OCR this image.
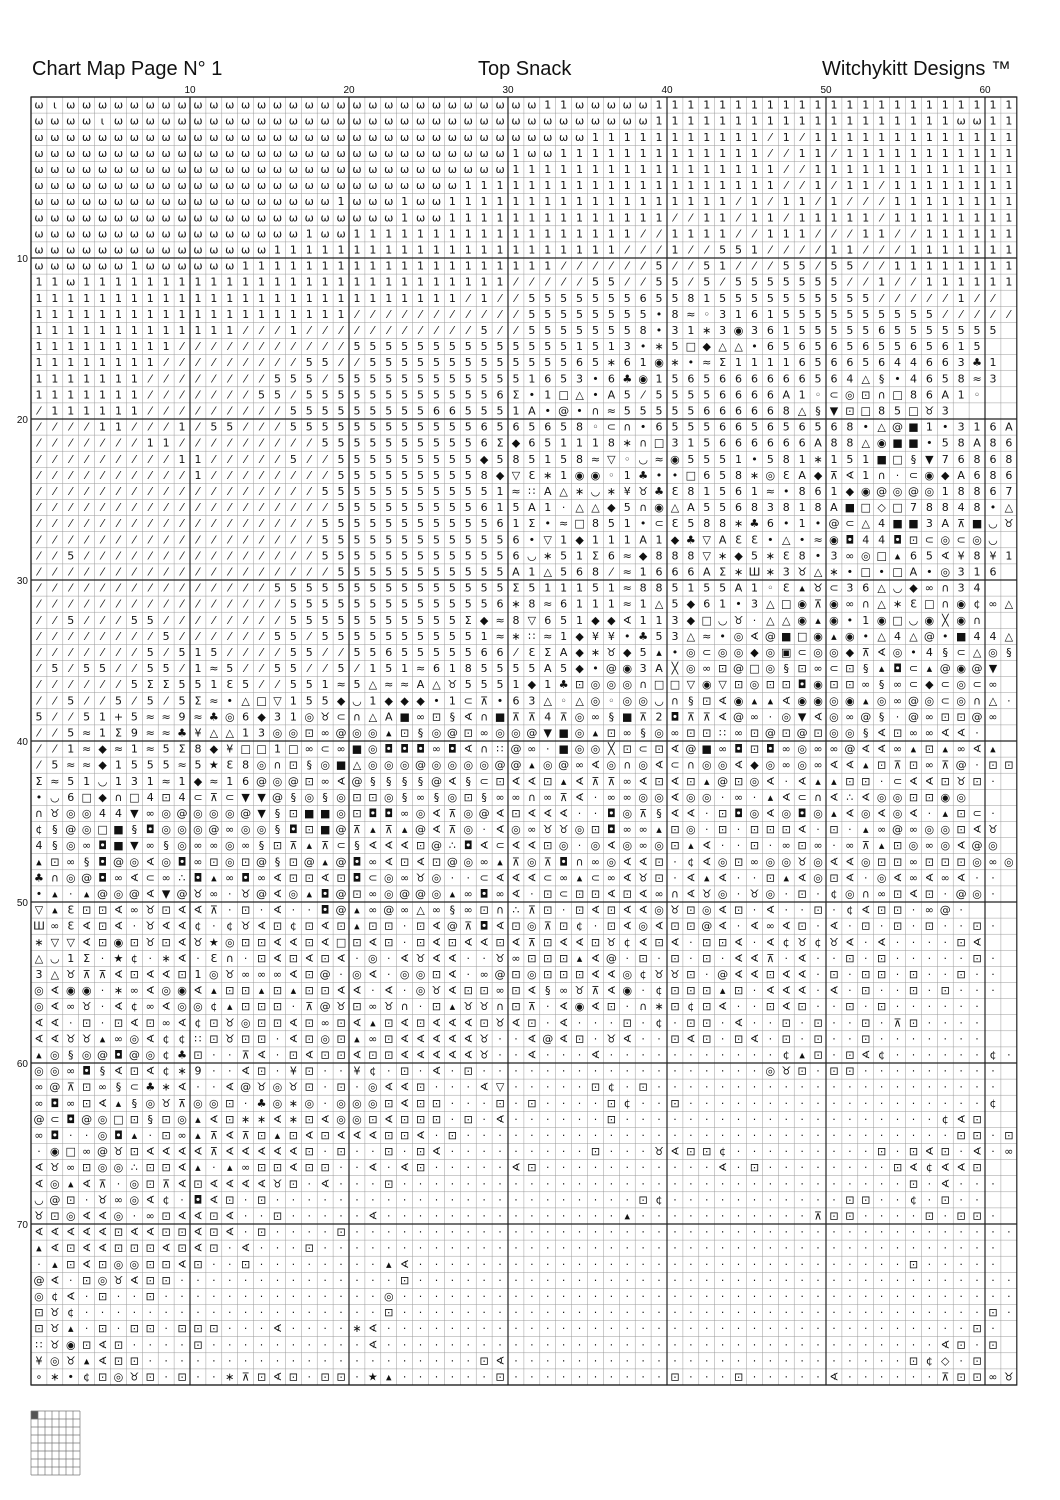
Chart Map Page N° 1	Top Snack	Witchykitt Designs ™
10	20	30	40	50	60
10
20
30
40
50
60
70
ω ι ω ω ω ω ω ω ω ω ω ω ω ω ω ω ω ω ω ω ω ω ω ω ω ω ω ω ω ω ω ω 1 1 ω ω ω ω ω 1 1 1 1 1 1 1 1 1 1 1 1 1 1 1 1 1 1 1 1 1 1 1
ω ω ω ω ι ω ω ω ω ω ω ω ω ω ω ω ω ω ω ω ω ω ω ω ω ω ω ω ω ω ω ω ω ω ω ω ω ω ω 1 1 1 1 1 1 1 1 1 1 1 1 1 1 1 1 1 1 1 ω ω 1 1
ω ω ω ω ω ω ω ω ω ω ω ω ω ω ω ω ω ω ω ω ω ω ω ω ω ω ω ω ω ω ω ω ω ω ω 1 1 1 1 1 1 1 1 1 1 1 ⁄ 1 ⁄ 1 1 1 1 1 1 1 1 1 1 1 1 1
ω ω ω ω ω ω ω ω ω ω ω ω ω ω ω ω ω ω ω ω ω ω ω ω ω ω ω ω ω ω 1 ω ω 1 1 1 1 1 1 1 1 1 1 1 1 1 ⁄ ⁄ 1 1 ⁄ 1 1 1 1 1 1 1 1 1 1 1
ω ω ω ω ω ω ω ω ω ω ω ω ω ω ω ω ω ω ω ω ω ω ω ω ω ω ω ω ω ω 1 1 1 1 1 1 1 1 1 1 1 1 1 1 1 1 1 ⁄ ⁄ 1 1 1 1 1 1 1 1 1 1 1 1 1
ω ω ω ω ω ω ω ω ω ω ω ω ω ω ω ω ω ω ω ω ω ω ω ω ω ω ω 1 1 1 1 1 1 1 1 1 1 1 1 1 1 1 1 1 1 1 1 ⁄ ⁄ 1 ⁄ 1 1 ⁄ 1 1 1 1 1 1 1 1
ω ω ω ω ω ω ω ω ω ω ω ω ω ω ω ω ω ω ω 1 ω ω ω 1 ω ω 1 1 1 1 1 1 1 1 1 1 1 1 1 1 1 1 1 1 ⁄ 1 ⁄ 1 1 ⁄ 1 ⁄ ⁄ ⁄ 1 1 1 1 1 1 1 1
ω ω ω ω ω ω ω ω ω ω ω ω ω ω ω ω ω ω ω ω ω ω ω 1 ω ω 1 1 1 1 1 1 1 1 1 1 1 1 1 1 ⁄ ⁄ 1 1 ⁄ 1 1 ⁄ 1 1 1 1 1 ⁄ 1 1 1 1 1 1 1 1
ω ω ω ω ω ω ω ω ω ω ω ω ω ω ω ω ω 1 ω ω 1 1 1 1 1 1 1 1 1 1 1 1 1 1 1 1 1 1 ⁄ ⁄ 1 1 1 1 ⁄ ⁄ 1 1 1 ⁄ ⁄ ⁄ 1 1 ⁄ ⁄ 1 1 1 1 1 1
ω ω ω ω ω ω ω ω ω ω ω ω ω ω ω 1 1 1 1 1 1 1 1 1 1 1 1 1 1 1 1 1 1 1 1 1 1 ⁄ ⁄ ⁄ 1 ⁄ ⁄ 5 5 1 ⁄ ⁄ ⁄ ⁄ 1 1 ⁄ ⁄ ⁄ 1 1 1 1 1 1 1
ω ω ω ω ω ω 1 ω ω ω ω ω ω 1 1 1 1 1 1 1 1 1 1 1 1 1 1 1 1 1 1 1 1 ⁄ ⁄ ⁄ ⁄ ⁄ ⁄ 5 ⁄ ⁄ 5 1 ⁄ ⁄ ⁄ 5 5 ⁄ 5 5 ⁄ ⁄ 1 1 1 1 1 1 1 1
1 1 ω 1 1 1 1 1 1 1 1 1 1 1 1 1 1 1 1 1 1 1 1 1 1 1 1 1 1 1 ⁄ ⁄ ⁄ ⁄ ⁄ 5 5 ⁄ ⁄ 5 5 ⁄ 5 ⁄ 5 5 5 5 5 5 5 ⁄ ⁄ 1 ⁄ ⁄ 1 1 1 1 1 1
1 1 1 1 1 1 1 1 1 1 1 1 1 1 1 1 1 1 1 1 1 1 1 1 1 1 1 ⁄ 1 ⁄ ⁄ 5 5 5 5 5 5 5 6 5 5 8 1 5 5 5 5 5 5 5 5 5 5 ⁄ ⁄ ⁄ ⁄ ⁄ 1 ⁄ ⁄
1 1 1 1 1 1 1 1 1 1 1 1 1 1 1 1 1 1 1 1 ⁄ ⁄ ⁄ ⁄ ⁄ ⁄ ⁄ ⁄ ⁄ ⁄ ⁄ 5 5 5 5 5 5 5 5 • 8 ≈ ◦ 3 1 6 1 5 5 5 5 5 5 5 5 5 5 ⁄ ⁄ ⁄ ⁄ ⁄
1 1 1 1 1 1 1 1 1 1 1 1 1 ⁄ ⁄ ⁄ 1 ⁄ ⁄ ⁄ ⁄ ⁄ ⁄ ⁄ ⁄ ⁄ ⁄ ⁄ 5 ⁄ ⁄ 5 5 5 5 5 5 5 8 • 3 1 ∗ 3 ◉ 3 6 1 5 5 5 5 5 6 5 5 5 5 5 5 5
1 1 1 1 1 1 1 1 1 ⁄ ⁄ ⁄ ⁄ ⁄ ⁄ ⁄ ⁄ ⁄ ⁄ ⁄ 5 5 5 5 5 5 5 5 5 5 5 5 5 5 1 5 1 3 • ∗ 5 □ ◆ △ △ • 6 5 6 5 6 5 6 5 5 6 5 6 1 5
1 1 1 1 1 1 1 1 ⁄ ⁄ ⁄ ⁄ ⁄ ⁄ ⁄ ⁄ ⁄ 5 5 ⁄ ⁄ 5 5 5 5 5 5 5 5 5 5 5 5 5 6 5 ∗ 6 1 ◉ ∗ • ≈ Σ 1 1 1 1 6 5 6 6 5 6 4 4 6 6 3 ♣ 1
1 1 1 1 1 1 1 ⁄ ⁄ ⁄ ⁄ ⁄ ⁄ ⁄ ⁄ 5 5 5 ⁄ 5 5 5 5 5 5 5 5 5 5 5 5 1 6 5 3 • 6 ♣ ◉ 1 5 6 5 6 6 6 6 6 6 5 6 4 △ § • 4 6 5 8 ≈ 3
1 1 1 1 1 1 1 ⁄ ⁄ ⁄ ⁄ ⁄ ⁄ ⁄ 5 5 ⁄ 5 5 5 5 5 5 5 5 5 5 5 5 6 Σ • 1 □ △ • A 5 ⁄ 5 5 5 5 6 6 6 6 A 1 ◦ ⊂ ◎ ⊡ ∩ □ 8 6 A 1 ◦
⁄ 1 1 1 1 1 1 ⁄ ⁄ ⁄ ⁄ ⁄ ⁄ ⁄ ⁄ ⁄ 5 5 5 5 5 5 5 5 5 6 6 5 5 5 1 A • @ • ∩ ≈ 5 5 5 5 5 6 6 6 6 6 8 △ § ▼ ⊡ □ 8 5 □ ♉ 3
⁄ ⁄ ⁄ ⁄ 1 1 ⁄ ⁄ ⁄ 1 ⁄ 5 5 ⁄ ⁄ ⁄ 5 5 5 5 5 5 5 5 5 5 5 5 6 5 6 5 6 5 8 ◦ ⊂ ∩ • 6 5 5 5 6 6 5 6 5 6 5 6 8 • △ @ ■ 1 • 3 1 6 A
⁄ ⁄ ⁄ ⁄ ⁄ ⁄ ⁄ 1 1 ⁄ ⁄ ⁄ ⁄ ⁄ ⁄ ⁄ ⁄ ⁄ 5 5 5 5 5 5 5 5 5 5 6 Σ ◆ 6 5 1 1 1 8 ∗ ∩ □ 3 1 5 6 6 6 6 6 6 A 8 8 △ ◉ ■ ■ • 5 8 A 8 6
⁄ ⁄ ⁄ ⁄ ⁄ ⁄ ⁄ ⁄ ⁄ 1 1 ⁄ ⁄ ⁄ ⁄ ⁄ 5 ⁄ ⁄ 5 5 5 5 5 5 5 5 5 ◆ 5 8 5 1 5 8 ≈ ▽ ◦ ◡ ≈ ◉ 5 5 5 1 • 5 8 1 ∗ 1 5 1 ■ □ § ▼ 7 6 8 6 8
⁄ ⁄ ⁄ ⁄ ⁄ ⁄ ⁄ ⁄ ⁄ ⁄ 1 ⁄ ⁄ ⁄ ⁄ ⁄ ⁄ ⁄ ⁄ 5 5 5 5 5 5 5 5 5 8 ◆ ▽ Ɛ ∗ 1 ◉ ◉ ◦ 1 ♣ • • □ 6 5 8 ∗ ◎ Ɛ A ◆ ⊼ ∢ 1 ∩ · ⊂ ◉ ◆ A 6 8 6
⁄ ⁄ ⁄ ⁄ ⁄ ⁄ ⁄ ⁄ ⁄ ⁄ ⁄ ⁄ ⁄ ⁄ ⁄ ⁄ ⁄ ⁄ 5 5 5 5 5 5 5 5 5 5 5 1 ≈ ∷ A △ ∗ ◡ ∗ ¥ ♉ ♣ Ɛ 8 1 5 6 1 ≈ • 8 6 1 ◆ ◉ @ ◎ @ ◎ 1 8 8 6 7
⁄ ⁄ ⁄ ⁄ ⁄ ⁄ ⁄ ⁄ ⁄ ⁄ ⁄ ⁄ ⁄ ⁄ ⁄ ⁄ ⁄ ⁄ ⁄ 5 5 5 5 5 5 5 5 5 6 1 5 A 1 · △ △ ◆ 5 ∩ ◉ △ A 5 5 6 8 3 8 1 8 A ■ □ ◇ □ 7 8 8 4 8 • △
⁄ ⁄ ⁄ ⁄ ⁄ ⁄ ⁄ ⁄ ⁄ ⁄ ⁄ ⁄ ⁄ ⁄ ⁄ ⁄ ⁄ ⁄ 5 5 5 5 5 5 5 5 5 5 5 6 1 Σ • ≈ □ 8 5 1 • ⊂ Ɛ 5 8 8 ∗ ♣ 6 • 1 • @ ⊂ △ 4 ■ ■ 3 A ⊼ ■ ◡ ♉
⁄ ⁄ ⁄ ⁄ ⁄ ⁄ ⁄ ⁄ ⁄ ⁄ ⁄ ⁄ ⁄ ⁄ ⁄ ⁄ ⁄ ⁄ 5 5 5 5 5 5 5 5 5 5 5 5 6 • ▽ 1 ◆ 1 1 1 A 1 ◆ ♣ ▽ A Ɛ Ɛ • △ • ≈ ◉ ◘ 4 4 ◘ ⊡ ⊂ ◎ ⊂ ◎ ◡
⁄ ⁄ 5 ⁄ ⁄ ⁄ ⁄ ⁄ ⁄ ⁄ ⁄ ⁄ ⁄ ⁄ ⁄ ⁄ ⁄ ⁄ 5 5 5 5 5 5 5 5 5 5 5 5 6 ◡ ∗ 5 1 Σ 6 ≈ ◆ 8 8 8 ▽ ∗ ◆ 5 ∗ Ɛ 8 • 3 ∞ ◎ □ ▴ 6 5 ∢ ¥ 8 ¥ 1
⁄ ⁄ ⁄ ⁄ ⁄ ⁄ ⁄ ⁄ ⁄ ⁄ ⁄ ⁄ ⁄ ⁄ ⁄ ⁄ ⁄ ⁄ ⁄ 5 5 5 5 5 5 5 5 5 5 5 A 1 △ 5 6 8 ⁄ ≈ 1 6 6 6 A Σ ∗ Ш ∗ 3 ♉ △ ∗ • □ • □ A • ◎ 3 1 6
⁄ ⁄ ⁄ ⁄ ⁄ ⁄ ⁄ ⁄ ⁄ ⁄ ⁄ ⁄ ⁄ ⁄ ⁄ 5 5 5 5 5 5 5 5 5 5 5 5 5 5 5 Σ 5 1 1 1 5 1 ≈ 8 8 5 1 5 5 A 1 ◦ Ɛ ▴ ♉ ⊂ 3 6 △ ◡ ◆ ∞ ∩ 3 4
⁄ ⁄ ⁄ ⁄ ⁄ ⁄ ⁄ ⁄ ⁄ ⁄ ⁄ ⁄ ⁄ ⁄ ⁄ ⁄ 5 5 5 5 5 5 5 5 5 5 5 5 5 6 ∗ 8 ≈ 6 1 1 1 ≈ 1 △ 5 ◆ 6 1 • 3 △ □ ◉ ⊼ ◉ ∞ ∩ △ ∗ Ɛ □ ∩ ◉ ¢ ∞ △
⁄ ⁄ 5 ⁄ ⁄ ⁄ 5 5 ⁄ ⁄ ⁄ ⁄ ⁄ ⁄ ⁄ ⁄ 5 5 5 5 5 5 5 5 5 5 5 Σ ◆ ≈ 8 ▽ 6 5 1 ◆ ◆ ∢ 1 1 3 ◆ □ ◡ ♉ · △ △ ◉ ▴ ◉ • 1 ◉ □ ◡ ◉ ╳ ◉ ∩
⁄ ⁄ ⁄ ⁄ ⁄ ⁄ ⁄ ⁄ 5 ⁄ ⁄ ⁄ ⁄ ⁄ ⁄ 5 5 ⁄ 5 5 5 5 5 5 5 5 5 5 1 ≈ ∗ ∷ ≈ 1 ◆ ¥ ¥ • ♣ 5 3 △ ≈ • ◎ ∢ @ ■ □ ◉ ▴ ◉ • △ 4 △ @ • ■ 4 4 △
⁄ ⁄ ⁄ ⁄ ⁄ ⁄ ⁄ 5 ⁄ 5 1 5 ⁄ ⁄ ⁄ ⁄ 5 5 ⁄ ⁄ 5 5 6 5 5 5 5 5 6 6 ⁄ Ɛ Σ A ◆ ∗ ♉ ◆ 5 ▴ • ◎ ⊂ ◎ ◎ ◆ ◎ ▣ ⊂ ◎ ◎ ◆ ⊼ ∢ ◎ • 4 § ⊂ △ ◎ §
⁄ 5 ⁄ 5 5 ⁄ ⁄ 5 5 ⁄ 1 ≈ 5 ⁄ ⁄ 5 5 ⁄ ⁄ 5 ⁄ 1 5 1 ≈ 6 1 8 5 5 5 5 A 5 ◆ • @ ◉ 3 A ╳ ◎ ∞ ⊡ @ □ ◎ § ⊡ ∞ ⊂ ⊡ § ▴ ◘ ⊂ ▴ @ ◉ @ ▼
⁄ ⁄ ⁄ ⁄ ⁄ ⁄ 5 Σ Σ 5 5 1 Ɛ 5 ⁄ ⁄ 5 5 1 ≈ 5 △ ≈ ≈ A △ ♉ 5 5 5 1 ◆ 1 ♣ ⊡ ◎ ◎ ◎ ∩ □ □ ▽ ◉ ▽ ⊡ ◎ ⊡ ⊡ ◘ ◉ ⊡ ⊡ ∞ § ∞ ⊂ ◆ ⊂ ◎ ⊂ ∞
⁄ ⁄ 5 ⁄ ⁄ 5 ⁄ 5 ⁄ 5 Σ ≈ • △ □ ▽ 1 5 5 ◆ ◡ 1 ◆ ◆ ◆ • 1 ⊂ ⊼ • 6 3 △ ◦ △ ◎ ◦ ◎ ◎ ◡ ∩ § ⊡ ∢ ◉ ▴ ▴ ∢ ◉ ◉ ◎ ◉ ▴ ◎ ∞ @ ◎ ⊂ ◎ ∩ △ ·
5 ⁄ ⁄ 5 1 + 5 ≈ ≈ 9 ≈ ♣ ◎ 6 ◆ 3 1 ◎ ♉ ⊂ ∩ △ A ■ ∞ ⊡ § ∢ ∩ ■ ⊼ ⊼ 4 ⊼ ◎ ∞ § ■ ⊼ 2 ◘ ⊼ ⊼ ∢ @ ∞ · ◎ ▼ ∢ ◎ ∞ @ § · @ ∞ ⊡ ⊡ @ ∞
⁄ ⁄ 5 ≈ 1 Σ 9 ≈ ≈ ♣ ¥ △ △ 1 3 ◎ ◎ ⊡ ∞ @ ◎ ◎ ▴ ⊡ § ◎ @ ⊡ ∞ ◎ ◎ @ ▼ ■ ◎ ▴ ⊡ ∞ § ◎ ∞ ⊡ ⊡ ∷ ∞ ⊡ @ ⊡ @ ⊡ ◎ ◎ § ∢ ⊡ ∞ ∞ ∢ ∢ ·
⁄ ⁄ 1 ≈ ◆ ≈ 1 ≈ 5 Σ 8 ◆ ¥ □ □ 1 □ ∞ ⊂ ∞ ■ ◎ ◘ ◘ ◘ ∞ ◘ ∢ ∩ ∷ @ ∞ · ■ ◎ ◎ ╳ ⊡ ⊂ ⊡ ∢ @ ■ ∞ ◘ ⊡ ◘ ∞ ◎ ∞ ∞ @ ∢ ∢ ∞ ▴ ⊡ ▴ ∞ ∢ ▴
⁄ 5 ≈ ≈ ◆ 1 5 5 5 ≈ 5 ★ Ɛ 8 ◎ ∩ ⊡ § ◎ ■ △ ◎ ◎ ◎ @ ◎ ◎ ◎ ◎ @ @ ▴ ◎ @ ∞ ∢ ◎ ∩ ◎ ∢ ⊂ ∩ ◎ ◎ ∢ ◆ ◎ ∞ ◎ ∞ ∢ ∢ ▴ ⊡ ⊼ ⊡ ∞ ⊼ @ · ⊡ ⊡
Σ ≈ 5 1 ◡ 1 3 1 ≈ 1 ◆ ≈ 1 6 @ ◎ @ ⊡ ∞ ∢ @ § § § § @ ∢ § ⊂ ⊡ ∢ ∢ ⊡ ▴ ∢ ⊼ ⊼ ∞ ∢ ⊡ ∢ ⊡ ▴ @ ⊡ ◎ ∢ · ∢ ▴ ▴ ⊡ ⊡ · ⊂ ∢ ∢ ⊡ ♉ ⊡ ·
• ◡ 6 □ ◆ ∩ □ 4 ⊡ 4 ⊂ ⊼ ⊂ ▼ ▼ @ § ◎ § ◎ ⊡ ⊡ ◎ § ∞ § ◎ ⊡ § ∞ ∞ ∩ ∞ ⊼ ∢ · ∞ ∞ ◎ ◎ ∢ ◎ ◎ · ∞ · ▴ ∢ ⊂ ∩ ∢ ∴ ∢ ◎ ◎ ⊡ ⊡ ◉ ◎
∩ ♉ ◎ ◎ 4 4 ▼ ∞ ◎ @ ◎ ◎ ◎ @ ▼ § ⊡ ■ ■ ◎ ⊡ ◘ ◘ ∞ ◎ ∢ ⊼ ◎ @ ∢ ⊡ ∢ ∢ ∢ · · ◘ ◎ ⊼ § ∢ ∢ · ⊡ ◘ ◎ ∢ ◎ ◘ ◎ ▴ ∢ ◎ ∢ ◎ ∢ · ▴ ⊡ ⊂ ·
¢ § @ ◎ □ ■ § ◘ ◎ ◎ ◎ @ ∞ ◎ ◎ § ◘ ⊡ ■ @ ⊼ ▴ ⊼ ▴ @ ∢ ⊼ ◎ · ∢ ◎ ∞ ♉ ♉ ◎ ⊡ ◘ ∞ ∞ ▴ ⊡ ◎ · ⊡ · ⊡ ⊡ ⊡ ∢ · ⊡ · ▴ ∞ @ ∞ ◎ ◎ ⊡ ∢ ♉
4 § ◎ ∞ ◘ ■ ▼ ∞ § ◎ ∞ ∞ ◎ ∞ § ⊡ ⊼ ▴ ⊼ ⊂ § ∢ ∢ ∢ ⊡ @ ∴ ◘ ∢ ⊂ ∢ ∢ ⊡ ◎ · ◎ ∢ ◎ ∞ ◎ ⊡ ▴ ∢ · · ⊡ · ∞ ⊡ ∞ · ∞ ⊼ ▴ ⊡ ◎ ∞ ◎ ∢ @ ◎
▴ ⊡ ∞ § ◘ @ ◎ ∢ ◎ ◘ ∞ ⊡ ◎ ⊡ @ § ⊡ @ ▴ @ ◘ ∞ ∢ ⊡ ∢ ⊡ @ ◎ ∞ ▴ ⊼ ◎ ⊼ ◘ ∩ ∞ ◎ ∢ ∢ ⊡ · ¢ ∢ ◎ ⊡ ∞ ◎ ◎ ♉ ◎ ∢ ∢ ◎ ⊡ ⊡ ∞ ⊡ ⊡ ⊡ ◎ ∞ ◎
♣ ∩ ◎ @ ◘ ∞ ∢ ⊂ ∞ ∴ ◘ ▴ ∞ ◘ ∞ ∢ ⊡ ⊡ ∢ ⊡ ◘ ⊂ ◎ ∞ ♉ ◎ · · ⊂ ∢ ∢ ∢ ⊂ ∞ ▴ ⊂ ∞ ∢ ♉ ⊡ · ∢ ▴ ∢ · · ⊡ ▴ ∢ ◎ ⊡ ∢ · ◎ ∢ ∞ ∢ ∞ ∢ · ·
• ▴ · ▴ @ ◎ @ ∢ ▼ @ ♉ ∞ · ♉ @ ∢ ◎ ▴ ◘ @ ⊡ ∞ ◎ @ @ ◎ ▴ ∞ ◘ ∞ ∢ · ⊡ ⊂ ⊡ ⊡ ∢ ⊡ ∢ ∞ ∩ ∢ ♉ ◎ · ♉ ◎ · ⊡ · ¢ ◎ ∩ ∞ ⊡ ∢ ⊡ · @ ◎ ·
▽ ▴ Ɛ ⊡ ⊡ ∢ ∞ ♉ ⊡ ∢ ∢ ⊼ · ⊡ · ∢ · · ◘ @ ▴ ∞ @ ∞ △ ∞ § ∞ ⊡ ∩ ∴ ⊼ ⊡ · ⊡ ∢ ⊡ ∢ ∢ ◎ ♉ ⊡ ◎ ∢ ⊡ · ∢ · · ⊡ · ¢ ∢ ⊡ ⊡ · ∞ @ ·
Ш ∞ Ɛ ∢ ⊡ ∢ · ♉ ∢ ∢ ¢ · ¢ ♉ ∢ ⊡ ¢ ⊡ ∢ ⊡ ▴ ⊡ ⊡ · ⊡ ∢ @ ⊼ ◘ ∢ ⊡ ◎ ⊼ ⊡ ¢ · ⊡ ∢ ◎ ∢ ⊡ ⊡ @ ∢ · ∢ ∞ ∢ ⊡ · ∢ · ⊡ · ⊡ · ⊡ · · ⊡ ·
∗ ▽ ▽ ∢ ⊡ ◉ ⊡ ♉ ⊡ ∢ ♉ ★ ◎ ⊡ ⊡ ∢ ∢ ⊡ ∢ □ ⊡ ∢ ⊡ · ⊡ ∢ ⊡ ∢ ∢ ⊡ ∢ ⊼ ⊡ ∢ ∢ ⊡ ♉ ¢ ∢ ⊡ ∢ · ⊡ ⊡ ∢ · ∢ ¢ ♉ ¢ ♉ ∢ · ∢ · · · · ⊡ ∢
△ ◡ 1 Σ · ★ ¢ · ∗ ∢ · Ɛ ∩ · ⊡ ∢ ⊡ ∢ ⊡ ∢ · ◎ · ∢ ♉ ∢ ∢ · · ♉ ∞ ⊡ ⊡ ⊡ ▴ ∢ @ · ⊡ · ⊡ · ⊡ · ∢ ∢ ⊼ · ∢ · · ⊡ · ⊡ · · · · · ⊡ ·
3 △ ♉ ⊼ ⊼ ∢ ⊡ ∢ ∢ ⊡ 1 ◎ ♉ ∞ ∞ ∞ ∢ ⊡ @ · ◎ ∢ · ◎ ◎ ⊡ ∢ · ∞ @ ⊡ ◎ ⊡ ⊡ ⊡ ∢ ∢ ◎ ¢ ♉ ♉ ⊡ · @ ∢ ∢ ⊡ ∢ ∢ · ⊡ · ⊡ ⊡ · ⊡ · · ⊡ · ·
◎ ∢ ◉ ◉ · ∗ ∞ ∢ ◎ ◉ ∢ ▴ ⊡ ⊡ ▴ ⊡ ▴ ⊡ ⊡ ∢ ∢ · ∢ · ◎ ♉ ∢ ⊡ ⊡ ∞ ⊡ ∢ § ∞ ♉ ⊼ ∢ ◉ · ¢ ⊡ ⊡ ⊡ ▴ ⊡ · ∢ ∢ ∢ · ∢ · ⊡ · · ⊡ · ⊡ · · ·
◎ ∢ ∞ ♉ · ∢ ¢ ∞ ∢ ◎ ◎ ¢ ▴ ⊡ ⊡ ⊡ · ⊼ @ ♉ ⊡ ∞ ♉ ∩ · ⊡ ▴ ♉ ♉ ∩ ⊡ ⊼ · ∢ ◉ ∢ ⊡ · ∩ ∗ ⊡ ¢ ⊡ ∢ · · ⊡ ∢ ⊡ · · ⊡ · ⊡ · · · · · ·
∢ ∢ · ⊡ · ⊡ ∢ ⊡ ∞ ∢ ¢ ⊡ ♉ ◎ ⊡ ⊡ ∢ ⊡ ∞ ⊡ ∢ ▴ ⊡ ∢ ⊡ ∢ ∢ ∢ ⊡ ♉ ∢ ⊡ · ∢ · · · ⊡ · ¢ · ⊡ ⊡ · ∢ · · ⊡ · ⊡ · · ⊡ · ⊼ ⊡ · · · ·
∢ ∢ ♉ ♉ ▴ ∞ ◎ ∢ ¢ ¢ ∷ ⊡ ♉ ⊡ ⊡ · ∢ ⊡ ◎ ⊡ ▴ ∞ ⊡ ∢ ∢ ∢ ∢ ∢ ♉ · · ∢ @ ∢ ⊡ · ♉ ∢ · · ⊡ ∢ ⊡ · ⊡ ∢ · ⊡ · ⊡ · · ⊡ · · · · · · ·
▴ ◎ § ◎ @ ◘ @ ◎ ¢ ♣ ⊡ · · ⊼ ∢ · ⊡ ∢ ⊡ ⊡ ∢ ⊡ ⊡ ∢ ∢ ∢ ∢ ∢ ♉ · · ∢ · · · ∢ · · · · · · · · · · · ¢ ▴ ⊡ · ⊡ ∢ ¢ · · · · · · ¢ ·
◎ ◎ ∞ ◘ § ∢ ⊡ ∢ ¢ ∗ 9 · · ∢ ⊡ · ¥ ⊡ · · ¥ ¢ · ⊡ · ∢ · ⊡ · · · · · · · · · · · · · · · · · · ◎ ♉ ⊡ · ⊡ ⊡ · · · · · · · · ·
∞ @ ⊼ ⊡ ∞ § ⊂ ♣ ∗ ∢ · · ∢ @ ♉ ◎ ♉ ⊡ · ⊡ · ◎ ∢ ∢ ⊡ · · · ∢ ▽ · · · · · ⊡ ¢ · ⊡ · · · · · · · · · · · · · · · · · · · · · ·
∞ ◘ ∞ ⊡ ∢ ▴ § ◎ ♉ ⊼ ◎ ◎ ⊡ · ♣ ◎ ∗ ◎ · ◎ ◎ ◎ ⊡ ∢ ⊡ ⊡ · · · ⊡ · ⊡ · · · · ⊡ ¢ · · ⊡ · · · · · · · · · · · · · · · · · · · ¢
@ ⊂ ◘ @ ◎ □ ⊡ § ⊡ ◎ ▴ ∢ ⊡ ∗ ∗ ∢ ∗ ⊡ ∢ ◎ ◎ ⊡ ∢ ⊡ ⊡ ⊡ · ⊡ · ∢ · · · · · · ⊡ · · · · · · · · · · · · · · · · · · · · ¢ ∢ ⊡
∞ ◘ · · ◎ ◘ ▴ · ⊡ ∞ ▴ ⊼ ∢ ⊼ ⊡ ▴ ⊡ ∢ ⊡ ∢ ∢ ∢ ⊡ ⊡ ∢ · ⊡ · · · · · · · · · · · · · · · · · · · · · · · · · · · · · · · ⊡ ⊡ · ⊡
· ◉ □ ∞ @ ♉ ⊡ ∢ ∢ ∢ ∢ ⊼ ∢ ∢ ∢ ∢ ∢ ⊡ · ⊡ · · ⊡ · ⊡ ∢ · · · · · · · · · ⊡ · · · ♉ ∢ ⊡ ⊡ ¢ · · · · · · · · · ⊡ · ⊡ ∢ ⊡ · ∢ · ∞
∢ ♉ ∞ ⊡ ◎ ◎ ∴ ⊡ ⊡ ∢ ▴ · ▴ ∞ ⊡ ⊡ ∢ ⊡ ⊡ · · ∢ · ∢ ⊡ · · · · · ∢ ⊡ · · · · · · · · · · · ∢ · ⊡ · · · · · · · · ⊡ ∢ ¢ ∢ ∢ ⊡
∢ ◎ ▴ ∢ ⊼ · ◎ ⊡ ⊼ ∢ ⊡ ∢ ∢ ∢ ∢ ♉ ⊡ · ∢ · · · ⊡ · · · · · · · · · · · · · · · · · · · · · · · · · · · · · · · · ⊡ · ∢ · · ·
◡ @ ⊡ · ♉ ∞ ◎ ∢ ¢ · ◘ ∢ ⊡ · ⊡ · · · · · · · · · · · · · · · · · · · · · · · ⊡ ¢ · · · · · · · · · · · ⊡ ⊡ · · ¢ · ⊡ · ·
♉ ⊡ ◎ ∢ ∢ ◎ · ∞ ⊡ ∢ ∢ ⊡ ∢ · · ⊡ · · · · · ∢ · · · · · · · · · · · · · · · ▴ · · · · · · · · · · · ⊼ ⊡ ⊡ · · · · ⊡ · ⊡ ⊡ ·
∢ ∢ ∢ ∢ ∢ ⊡ ∢ ∢ ⊡ ⊡ ∢ ⊡ ∢ · ⊡ · · · · ⊡ · · · · · · · · · · · · · · · · · · · · · · · · · · · · · · · · · · · · · · · · · ·
▴ ∢ ⊡ ∢ ∢ ⊡ ⊡ ⊡ ∢ ⊡ ∢ ⊡ · ∢ · · · ⊡ · · · · · · · · · · · · · · · · · · · · · · · · · · · · · · · · · · · · · · · · · · ·
· ▴ ⊡ ∢ ⊡ ◎ ◎ ⊡ ⊡ ∢ ⊡ · · ⊡ · · · · · · · · ▴ ∢ · · · · · · · · · · · · · · · · · · · · · · · · · · · · · · · ⊡ · · · · ·
@ ∢ · ⊡ ◎ ♉ ∢ ⊡ ⊡ · · · · · · · · · · · · · · ⊡ · · · · · · · · · · · · · · · · · · · · · · · · · · · · · · · · · · · · · ·
◎ ¢ ∢ · ⊡ · · ⊡ · · · · · · · · · · · · · · ◎ · · · · · · · · · · · · · · · · · · · · · · · · · · · · · · · · · · · · · · ·
⊡ ♉ ¢ · · · · · · · · · · · · · · · · · · · ⊡ · · · · · · · · · · · · · · · · · · · · · · · · · · · · · · · · · · · · · ⊡ ·
⊡ ♉ ▴ · ⊡ · ⊡ ⊡ · ⊡ ⊡ ⊡ · · · ∢ · · · · ∗ ∢ · · · · · · · · · · · · · · · · · · · · · · · · · · · · · · · · · · · · · ⊡ ·
∷ ♉ ◉ ⊡ ∢ ⊡ · · · · ⊡ · · · · · · · · · · ∢ · · · · · · · · · · · · · · · · · · · · · · · · · · · · · · · · · · · ∢ ⊡ · ⊡
¥ ◎ ♉ ▴ ∢ ⊡ ⊡ · · · · · · · · · · · · · · · · · · · · · ⊡ ∢ · · · · · · · · · · · · · · · · · · · · · · · · · ⊡ ¢ ◇ · ⊡
∘ ∗ • ¢ ⊡ ◎ ♉ ⊡ · ⊡ · · ∗ ⊼ ⊡ ∢ ⊡ · ⊡ ⊡ · ★ ▴ · · · · · · ⊡ · · · · · · · · · · ⊡ · · · ⊡ · · · · · ∢ · · · · · · ⊼ ⊡ ⊡ ∞ ♉
